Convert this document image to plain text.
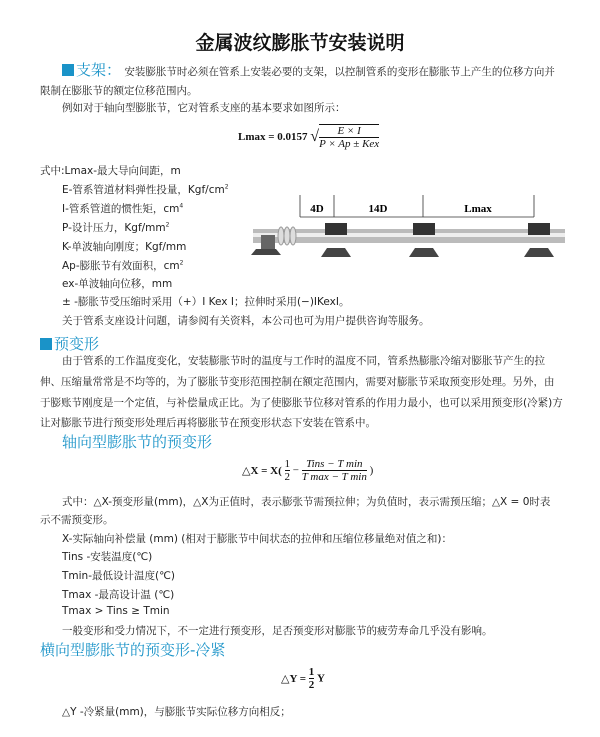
金属波纹膨胀节安装说明
支架： 安装膨胀节时必须在管系上安装必要的支架，以控制管系的变形在膨胀节上产生的位移方向并
限制在膨胀节的额定位移范围内。
例如对于轴向型膨胀节，它对管系支座的基本要求如图所示：
Lmax = 0.0157 √ $\frac{E \times I}{\text{P × Ap ± Kex}}$
式中:Lmax-最大导向间距，m
E-管系管道材料弹性投量，Kgf/$cm^2$
I-管系管道的惯性矩，$cm^4$
P-设计压力，Kgf/$mm^2$
K-单波轴向刚度；Kgf/mm
Ap-膨胀节有效面积，$cm^2$
ex-单波轴向位移，mm
± -膨胀节受压缩时采用（+）I Kex I；拉伸时采用(−)IKexI。
关于管系支座设计问题，请参阅有关资料，本公司也可为用户提供咨询等服务。
4D	14D	Lmax
预变形
由于管系的工作温度变化，安装膨胀节时的温度与工作时的温度不同，管系热膨胀冷缩对膨胀节产生的拉
伸、压缩量常常是不均等的，为了膨胀节变形范围控制在额定范围内，需要对膨胀节采取预变形处理。另外，由
于膨账节刚度是一个定值，与补偿量成正比。为了使膨胀节位移对管系的作用力最小，也可以采用预变形(冷紧)方
让对膨胀节进行预变形处理后再将膨胀节在预变形状态下安装在管系中。
轴向型膨胀节的预变形
△X = $X( \frac{1}{2} - \frac{\text{Tins − T min}}{\text{T max − T min}}$ )
式中：△X-预变形量(mm)，△X为正值时，表示膨张节需预拉伸；为负值时，表示需预压缩；△X = 0时表
示不需预变形。
X-实际轴向补偿量 (mm) (相对于膨胀节中间状态的拉伸和压缩位移量绝对值之和)：
Tins -安装温度(℃)
Tmin-最低设计温度(℃)
Tmax -最高设计温 (℃)
Tmax > Tins ≥ Tmin
一般变形和受力情况下，不一定进行预变形，足否预变形对膨胀节的疲劳寿命几乎没有影响。
横向型膨胀节的预变形-冷紧
△Y = $\frac{1}{2}$ Y
△Y -冷紧量(mm)，与膨胀节实际位移方向相反；
